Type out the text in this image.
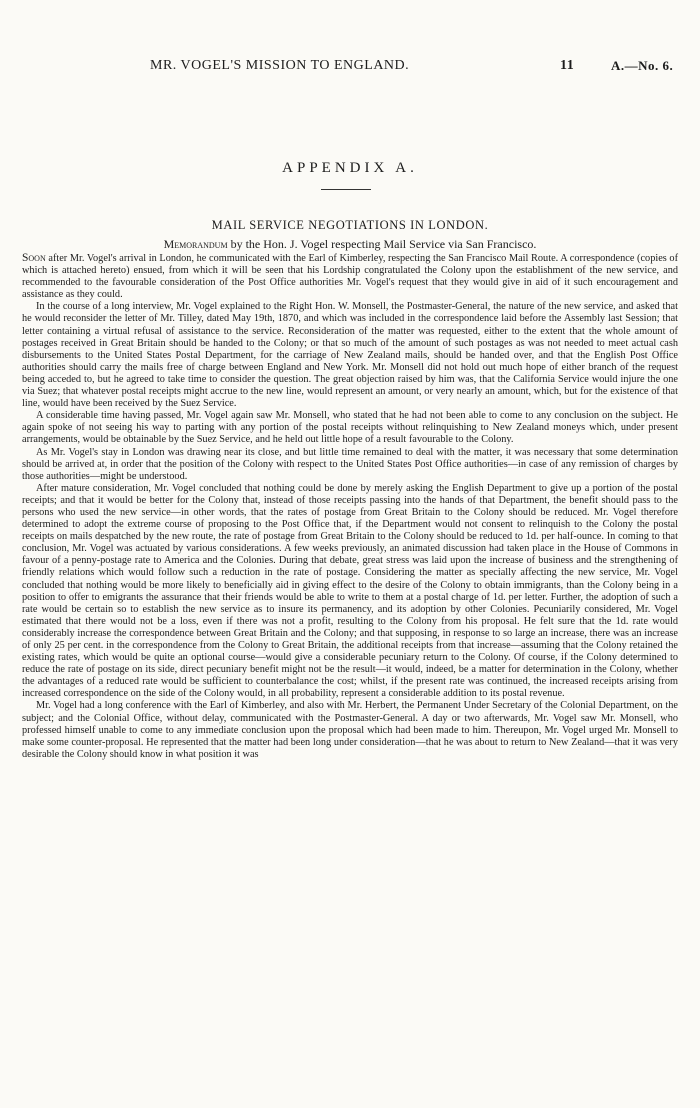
MR. VOGEL'S MISSION TO ENGLAND.	11	A.—No. 6.
APPENDIX A.
MAIL SERVICE NEGOTIATIONS IN LONDON.
Memorandum by the Hon. J. Vogel respecting Mail Service via San Francisco.

Soon after Mr. Vogel's arrival in London, he communicated with the Earl of Kimberley, respecting the San Francisco Mail Route. A correspondence (copies of which is attached hereto) ensued, from which it will be seen that his Lordship congratulated the Colony upon the establishment of the new service, and recommended to the favourable consideration of the Post Office authorities Mr. Vogel's request that they would give in aid of it such encouragement and assistance as they could.

In the course of a long interview, Mr. Vogel explained to the Right Hon. W. Monsell, the Postmaster-General, the nature of the new service, and asked that he would reconsider the letter of Mr. Tilley, dated May 19th, 1870, and which was included in the correspondence laid before the Assembly last Session; that letter containing a virtual refusal of assistance to the service. Reconsideration of the matter was requested, either to the extent that the whole amount of postages received in Great Britain should be handed to the Colony; or that so much of the amount of such postages as was not needed to meet actual cash disbursements to the United States Postal Department, for the carriage of New Zealand mails, should be handed over, and that the English Post Office authorities should carry the mails free of charge between England and New York. Mr. Monsell did not hold out much hope of either branch of the request being acceded to, but he agreed to take time to consider the question. The great objection raised by him was, that the California Service would injure the one via Suez; that whatever postal receipts might accrue to the new line, would represent an amount, or very nearly an amount, which, but for the existence of that line, would have been received by the Suez Service.

A considerable time having passed, Mr. Vogel again saw Mr. Monsell, who stated that he had not been able to come to any conclusion on the subject. He again spoke of not seeing his way to parting with any portion of the postal receipts without relinquishing to New Zealand moneys which, under present arrangements, would be obtainable by the Suez Service, and he held out little hope of a result favourable to the Colony.

As Mr. Vogel's stay in London was drawing near its close, and but little time remained to deal with the matter, it was necessary that some determination should be arrived at, in order that the position of the Colony with respect to the United States Post Office authorities—in case of any remission of charges by those authorities—might be understood.

After mature consideration, Mr. Vogel concluded that nothing could be done by merely asking the English Department to give up a portion of the postal receipts; and that it would be better for the Colony that, instead of those receipts passing into the hands of that Department, the benefit should pass to the persons who used the new service—in other words, that the rates of postage from Great Britain to the Colony should be reduced. Mr. Vogel therefore determined to adopt the extreme course of proposing to the Post Office that, if the Department would not consent to relinquish to the Colony the postal receipts on mails despatched by the new route, the rate of postage from Great Britain to the Colony should be reduced to 1d. per half-ounce. In coming to that conclusion, Mr. Vogel was actuated by various considerations. A few weeks previously, an animated discussion had taken place in the House of Commons in favour of a penny-postage rate to America and the Colonies. During that debate, great stress was laid upon the increase of business and the strengthening of friendly relations which would follow such a reduction in the rate of postage. Considering the matter as specially affecting the new service, Mr. Vogel concluded that nothing would be more likely to beneficially aid in giving effect to the desire of the Colony to obtain immigrants, than the Colony being in a position to offer to emigrants the assurance that their friends would be able to write to them at a postal charge of 1d. per letter. Further, the adoption of such a rate would be certain so to establish the new service as to insure its permanency, and its adoption by other Colonies. Pecuniarily considered, Mr. Vogel estimated that there would not be a loss, even if there was not a profit, resulting to the Colony from his proposal. He felt sure that the 1d. rate would considerably increase the correspondence between Great Britain and the Colony; and that supposing, in response to so large an increase, there was an increase of only 25 per cent. in the correspondence from the Colony to Great Britain, the additional receipts from that increase—assuming that the Colony retained the existing rates, which would be quite an optional course—would give a considerable pecuniary return to the Colony. Of course, if the Colony determined to reduce the rate of postage on its side, direct pecuniary benefit might not be the result—it would, indeed, be a matter for determination in the Colony, whether the advantages of a reduced rate would be sufficient to counterbalance the cost; whilst, if the present rate was continued, the increased receipts arising from increased correspondence on the side of the Colony would, in all probability, represent a considerable addition to its postal revenue.

Mr. Vogel had a long conference with the Earl of Kimberley, and also with Mr. Herbert, the Permanent Under Secretary of the Colonial Department, on the subject; and the Colonial Office, without delay, communicated with the Postmaster-General. A day or two afterwards, Mr. Vogel saw Mr. Monsell, who professed himself unable to come to any immediate conclusion upon the proposal which had been made to him. Thereupon, Mr. Vogel urged Mr. Monsell to make some counter-proposal. He represented that the matter had been long under consideration—that he was about to return to New Zealand—that it was very desirable the Colony should know in what position it was
